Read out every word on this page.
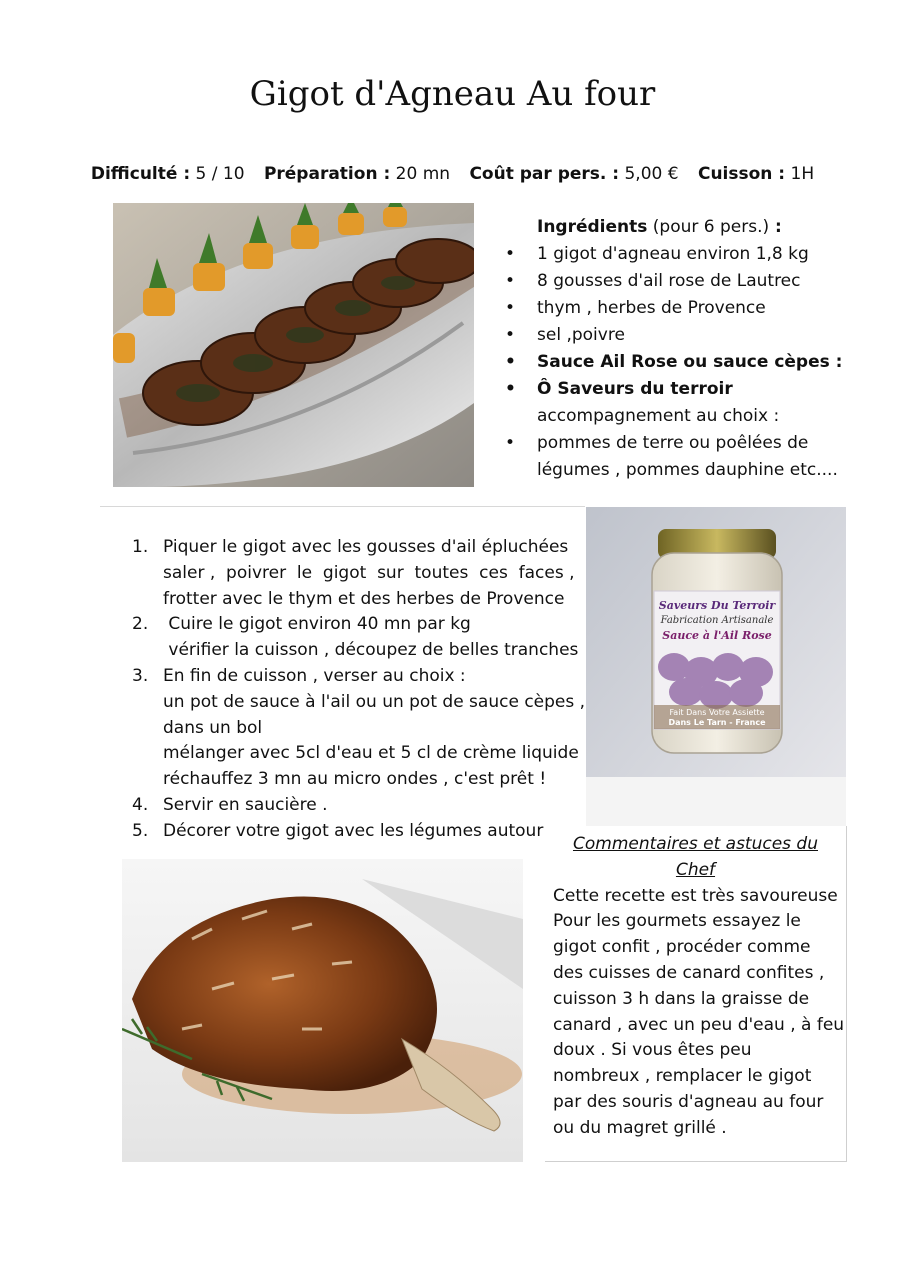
Gigot d'Agneau Au four
Difficulté : 5 / 10 Préparation : 20 mn Coût par pers. : 5,00 € Cuisson : 1H
Ingrédients (pour 6 pers.) :
• 1 gigot d'agneau environ 1,8 kg
• 8 gousses d'ail rose de Lautrec
• thym , herbes de Provence
• sel ,poivre
• Sauce Ail Rose ou sauce cèpes :
• Ô Saveurs du terroir
accompagnement au choix :
• pommes de terre ou poêlées de
légumes , pommes dauphine etc....
1. Piquer le gigot avec les gousses d'ail épluchées
saler ,  poivrer  le  gigot  sur  toutes  ces  faces ,
frotter avec le thym et des herbes de Provence
2. Cuire le gigot environ 40 mn par kg
vérifier la cuisson , découpez de belles tranches
3. En fin de cuisson , verser au choix :
un pot de sauce à l'ail ou un pot de sauce cèpes ,
dans un bol
mélanger avec 5cl d'eau et 5 cl de crème liquide
réchauffez 3 mn au micro ondes , c'est prêt !
4. Servir en saucière .
5. Décorer votre gigot avec les légumes autour
Saveurs Du Terroir
Fabrication Artisanale
Sauce à l'Ail Rose
Fait Dans Votre Assiette
Dans Le Tarn - France
Commentaires et astuces du
Chef
Cette recette est très savoureuse
Pour les gourmets essayez le
gigot confit , procéder comme
des cuisses de canard confites ,
cuisson 3 h dans la graisse de
canard , avec un peu d'eau , à feu
doux . Si vous êtes peu
nombreux , remplacer le gigot
par des souris d'agneau au four
ou du magret grillé .
